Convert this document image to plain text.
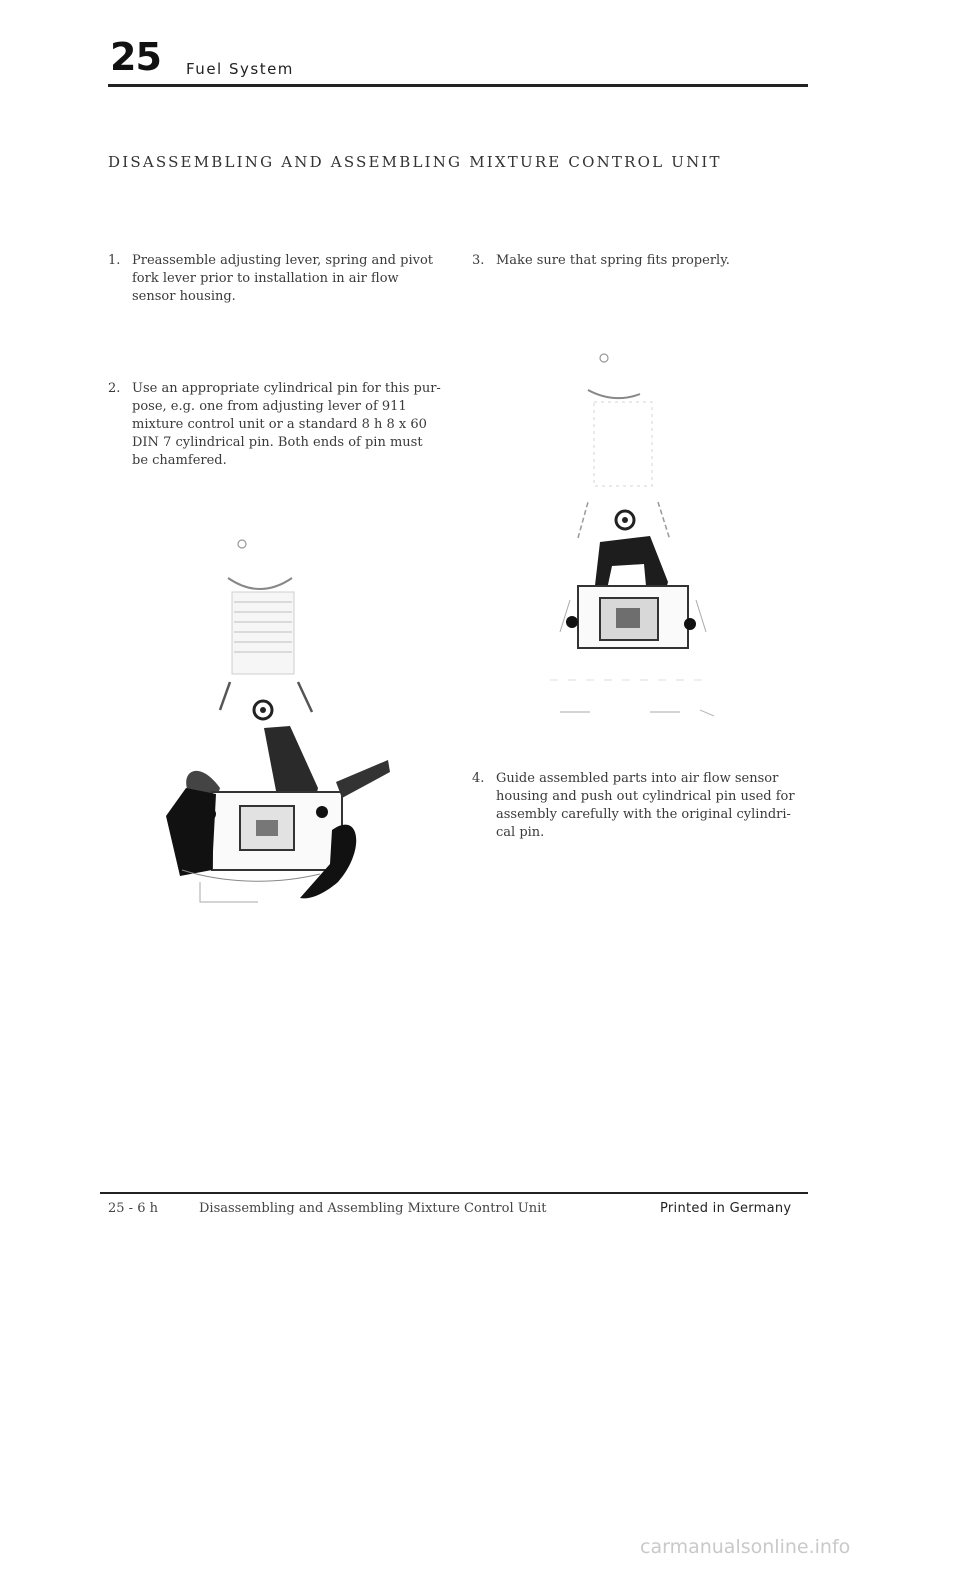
25 Fuel System
DISASSEMBLING AND ASSEMBLING MIXTURE CONTROL UNIT

1. Preassemble adjusting lever, spring and pivot
fork lever prior to installation in air flow
sensor housing.

2. Use an appropriate cylindrical pin for this pur-
pose, e.g. one from adjusting lever of 911
mixture control unit or a standard 8 h 8 x 60
DIN 7 cylindrical pin. Both ends of pin must
be chamfered.

3. Make sure that spring fits properly.

4. Guide assembled parts into air flow sensor
housing and push out cylindrical pin used for
assembly carefully with the original cylindri-
cal pin.

25 - 6 h	Disassembling and Assembling Mixture Control Unit	Printed in Germany
carmanualsonline.info
